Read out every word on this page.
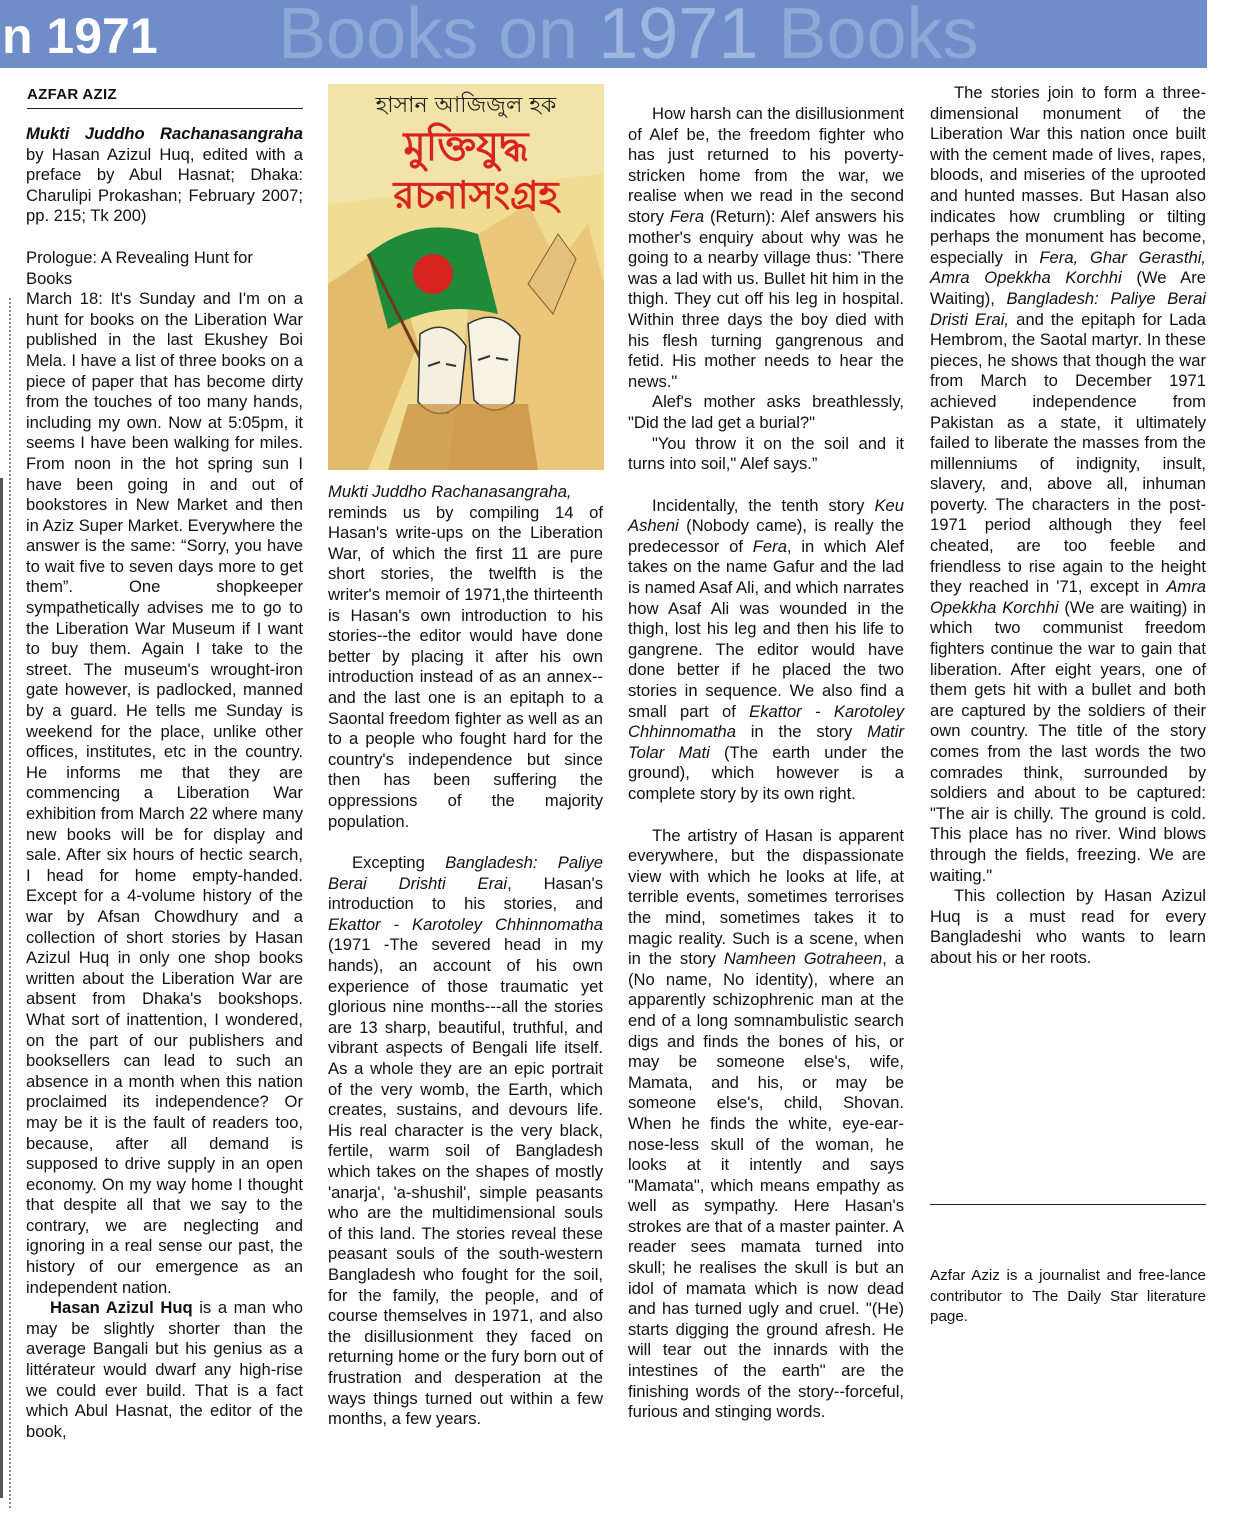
Books on 1971 Books
n 1971
AZFAR AZIZ

Mukti Juddho Rachanasangraha by Hasan Azizul Huq, edited with a preface by Abul Hasnat; Dhaka: Charulipi Prokashan; February 2007; pp. 215; Tk 200)

Prologue: A Revealing Hunt for Books

March 18: It's Sunday and I'm on a hunt for books on the Liberation War published in the last Ekushey Boi Mela. I have a list of three books on a piece of paper that has become dirty from the touches of too many hands, including my own. Now at 5:05pm, it seems I have been walking for miles. From noon in the hot spring sun I have been going in and out of bookstores in New Market and then in Aziz Super Market. Everywhere the answer is the same: “Sorry, you have to wait five to seven days more to get them”. One shopkeeper sympathetically advises me to go to the Liberation War Museum if I want to buy them. Again I take to the street. The museum's wrought-iron gate however, is padlocked, manned by a guard. He tells me Sunday is weekend for the place, unlike other offices, institutes, etc in the country. He informs me that they are commencing a Liberation War exhibition from March 22 where many new books will be for display and sale. After six hours of hectic search, I head for home empty-handed. Except for a 4-volume history of the war by Afsan Chowdhury and a collection of short stories by Hasan Azizul Huq in only one shop books written about the Liberation War are absent from Dhaka's bookshops. What sort of inattention, I wondered, on the part of our publishers and booksellers can lead to such an absence in a month when this nation proclaimed its independence? Or may be it is the fault of readers too, because, after all demand is supposed to drive supply in an open economy. On my way home I thought that despite all that we say to the contrary, we are neglecting and ignoring in a real sense our past, the history of our emergence as an independent nation.

Hasan Azizul Huq is a man who may be slightly shorter than the average Bangali but his genius as a littérateur would dwarf any high-rise we could ever build. That is a fact which Abul Hasnat, the editor of the book,

হাসান আজিজুল হক
মুক্তিযুদ্ধ
রচনাসংগ্রহ

Mukti Juddho Rachanasangraha,

reminds us by compiling 14 of Hasan's write-ups on the Liberation War, of which the first 11 are pure short stories, the twelfth is the writer's memoir of 1971,the thirteenth is Hasan's own introduction to his stories--the editor would have done better by placing it after his own introduction instead of as an annex--and the last one is an epitaph to a Saontal freedom fighter as well as an to a people who fought hard for the country's independence but since then has been suffering the oppressions of the majority population.

Excepting Bangladesh: Paliye Berai Drishti Erai, Hasan's introduction to his stories, and Ekattor - Karotoley Chhinnomatha (1971 -The severed head in my hands), an account of his own experience of those traumatic yet glorious nine months---all the stories are 13 sharp, beautiful, truthful, and vibrant aspects of Bengali life itself. As a whole they are an epic portrait of the very womb, the Earth, which creates, sustains, and devours life. His real character is the very black, fertile, warm soil of Bangladesh which takes on the shapes of mostly 'anarja', 'a-shushil', simple peasants who are the multidimensional souls of this land. The stories reveal these peasant souls of the south-western Bangladesh who fought for the soil, for the family, the people, and of course themselves in 1971, and also the disillusionment they faced on returning home or the fury born out of frustration and desperation at the ways things turned out within a few months, a few years.

How harsh can the disillusionment of Alef be, the freedom fighter who has just returned to his poverty-stricken home from the war, we realise when we read in the second story Fera (Return): Alef answers his mother's enquiry about why was he going to a nearby village thus: 'There was a lad with us. Bullet hit him in the thigh. They cut off his leg in hospital. Within three days the boy died with his flesh turning gangrenous and fetid. His mother needs to hear the news."

Alef's mother asks breathlessly, "Did the lad get a burial?"

"You throw it on the soil and it turns into soil," Alef says.”

Incidentally, the tenth story Keu Asheni (Nobody came), is really the predecessor of Fera, in which Alef takes on the name Gafur and the lad is named Asaf Ali, and which narrates how Asaf Ali was wounded in the thigh, lost his leg and then his life to gangrene. The editor would have done better if he placed the two stories in sequence. We also find a small part of Ekattor - Karotoley Chhinnomatha in the story Matir Tolar Mati (The earth under the ground), which however is a complete story by its own right.

The artistry of Hasan is apparent everywhere, but the dispassionate view with which he looks at life, at terrible events, sometimes terrorises the mind, sometimes takes it to magic reality. Such is a scene, when in the story Namheen Gotraheen, a (No name, No identity), where an apparently schizophrenic man at the end of a long somnambulistic search digs and finds the bones of his, or may be someone else's, wife, Mamata, and his, or may be someone else's, child, Shovan. When he finds the white, eye-ear-nose-less skull of the woman, he looks at it intently and says "Mamata", which means empathy as well as sympathy. Here Hasan's strokes are that of a master painter. A reader sees mamata turned into skull; he realises the skull is but an idol of mamata which is now dead and has turned ugly and cruel. "(He) starts digging the ground afresh. He will tear out the innards with the intestines of the earth" are the finishing words of the story--forceful, furious and stinging words.

The stories join to form a three-dimensional monument of the Liberation War this nation once built with the cement made of lives, rapes, bloods, and miseries of the uprooted and hunted masses. But Hasan also indicates how crumbling or tilting perhaps the monument has become, especially in Fera, Ghar Gerasthi, Amra Opekkha Korchhi (We Are Waiting), Bangladesh: Paliye Berai Dristi Erai, and the epitaph for Lada Hembrom, the Saotal martyr. In these pieces, he shows that though the war from March to December 1971 achieved independence from Pakistan as a state, it ultimately failed to liberate the masses from the millenniums of indignity, insult, slavery, and, above all, inhuman poverty. The characters in the post-1971 period although they feel cheated, are too feeble and friendless to rise again to the height they reached in '71, except in Amra Opekkha Korchhi (We are waiting) in which two communist freedom fighters continue the war to gain that liberation. After eight years, one of them gets hit with a bullet and both are captured by the soldiers of their own country. The title of the story comes from the last words the two comrades think, surrounded by soldiers and about to be captured: "The air is chilly. The ground is cold. This place has no river. Wind blows through the fields, freezing. We are waiting."

This collection by Hasan Azizul Huq is a must read for every Bangladeshi who wants to learn about his or her roots.

Azfar Aziz is a journalist and free-lance contributor to The Daily Star literature page.
